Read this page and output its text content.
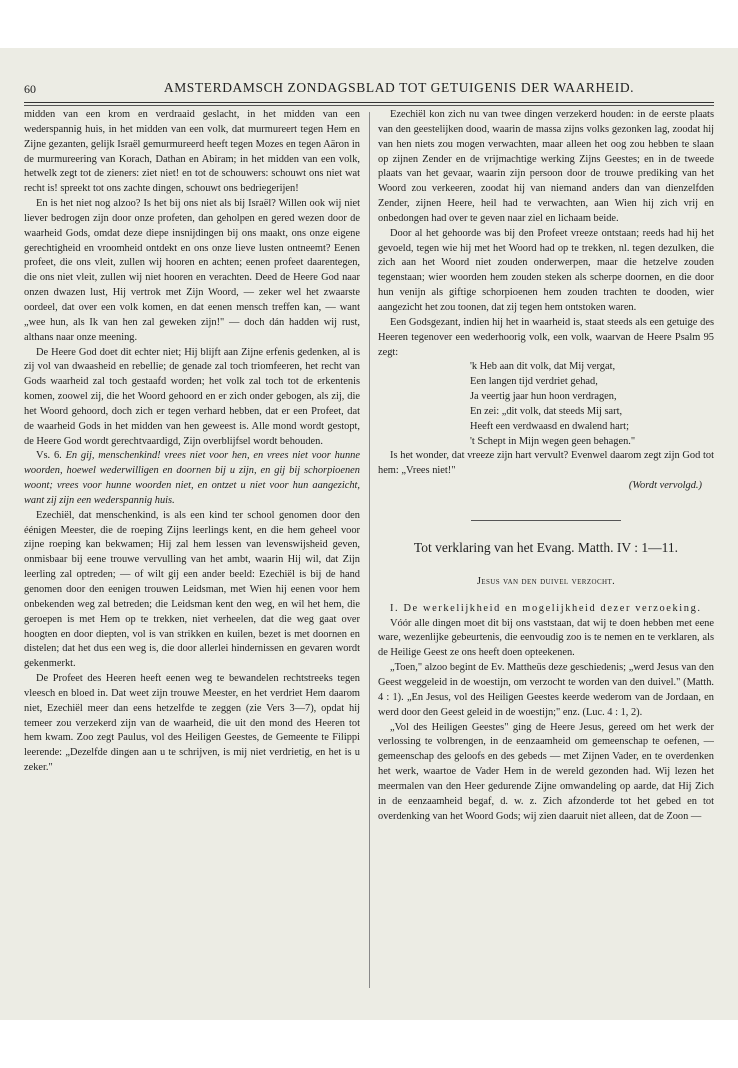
60	AMSTERDAMSCH ZONDAGSBLAD TOT GETUIGENIS DER WAARHEID.

midden van een krom en verdraaid geslacht, in het midden van een wederspannig huis, in het midden van een volk, dat murmureert tegen Hem en Zijne gezanten, gelijk Israël gemurmureerd heeft tegen Mozes en tegen Aäron in de murmureering van Korach, Dathan en Abiram; in het midden van een volk, hetwelk zegt tot de zieners: ziet niet! en tot de schouwers: schouwt ons niet wat recht is! spreekt tot ons zachte dingen, schouwt ons bedriegerijen!

En is het niet nog alzoo? Is het bij ons niet als bij Israël? Willen ook wij niet liever bedrogen zijn door onze profeten, dan geholpen en gered wezen door de waarheid Gods, omdat deze diepe insnijdingen bij ons maakt, ons onze eigene gerechtigheid en vroomheid ontdekt en ons onze lieve lusten ontneemt? Eenen profeet, die ons vleit, zullen wij hooren en achten; eenen profeet daarentegen, die ons niet vleit, zullen wij niet hooren en verachten. Deed de Heere God naar onzen dwazen lust, Hij vertrok met Zijn Woord, — zeker wel het zwaarste oordeel, dat over een volk komen, en dat eenen mensch treffen kan, — want „wee hun, als Ik van hen zal geweken zijn!" — doch dán hadden wij rust, althans naar onze meening.

De Heere God doet dit echter niet; Hij blijft aan Zijne erfenis gedenken, al is zij vol van dwaasheid en rebellie; de genade zal toch triomfeeren, het recht van Gods waarheid zal toch gestaafd worden; het volk zal toch tot de erkentenis komen, zoowel zij, die het Woord gehoord en er zich onder gebogen, als zij, die het Woord gehoord, doch zich er tegen verhard hebben, dat er een Profeet, dat de waarheid Gods in het midden van hen geweest is. Alle mond wordt gestopt, de Heere God wordt gerechtvaardigd, Zijn overblijfsel wordt behouden.

Vs. 6. En gij, menschenkind! vrees niet voor hen, en vrees niet voor hunne woorden, hoewel wederwilligen en doornen bij u zijn, en gij bij schorpioenen woont; vrees voor hunne woorden niet, en ontzet u niet voor hun aangezicht, want zij zijn een wederspannig huis.

Ezechiël, dat menschenkind, is als een kind ter school genomen door den éénigen Meester, die de roeping Zijns leerlings kent, en die hem geheel voor zijne roeping kan bekwamen; Hij zal hem lessen van levenswijsheid geven, onmisbaar bij eene trouwe vervulling van het ambt, waarin Hij wil, dat Zijn leerling zal optreden; — of wilt gij een ander beeld: Ezechiël is bij de hand genomen door den eenigen trouwen Leidsman, met Wien hij eenen voor hem onbekenden weg zal betreden; die Leidsman kent den weg, en wil het hem, die geroepen is met Hem op te trekken, niet verheelen, dat die weg gaat over hoogten en door diepten, vol is van strikken en kuilen, bezet is met doornen en distelen; dat het dus een weg is, die door allerlei hindernissen en gevaren wordt gekenmerkt.

De Profeet des Heeren heeft eenen weg te bewandelen rechtstreeks tegen vleesch en bloed in. Dat weet zijn trouwe Meester, en het verdriet Hem daarom niet, Ezechiël meer dan eens hetzelfde te zeggen (zie Vers 3—7), opdat hij temeer zou verzekerd zijn van de waarheid, die uit den mond des Heeren tot hem kwam. Zoo zegt Paulus, vol des Heiligen Geestes, de Gemeente te Filippi leerende: „Dezelfde dingen aan u te schrijven, is mij niet verdrietig, en het is u zeker."

Ezechiël kon zich nu van twee dingen verzekerd houden: in de eerste plaats van den geestelijken dood, waarin de massa zijns volks gezonken lag, zoodat hij van hen niets zou mogen verwachten, maar alleen het oog zou hebben te slaan op zijnen Zender en de vrijmachtige werking Zijns Geestes; en in de tweede plaats van het gevaar, waarin zijn persoon door de trouwe prediking van het Woord zou verkeeren, zoodat hij van niemand anders dan van dienzelfden Zender, zijnen Heere, heil had te verwachten, aan Wien hij zich vrij en onbedongen had over te geven naar ziel en lichaam beide.

Door al het gehoorde was bij den Profeet vreeze ontstaan; reeds had hij het gevoeld, tegen wie hij met het Woord had op te trekken, nl. tegen dezulken, die zich aan het Woord niet zouden onderwerpen, maar die hetzelve zouden tegenstaan; wier woorden hem zouden steken als scherpe doornen, en die door hun venijn als giftige schorpioenen hem zouden trachten te dooden, wier aangezicht het zou toonen, dat zij tegen hem ontstoken waren.

Een Godsgezant, indien hij het in waarheid is, staat steeds als een getuige des Heeren tegenover een wederhoorig volk, een volk, waarvan de Heere Psalm 95 zegt:

'k Heb aan dit volk, dat Mij vergat,
Een langen tijd verdriet gehad,
Ja veertig jaar hun hoon verdragen,
En zei: „dit volk, dat steeds Mij sart,
Heeft een verdwaasd en dwalend hart;
't Schept in Mijn wegen geen behagen."

Is het wonder, dat vreeze zijn hart vervult? Evenwel daarom zegt zijn God tot hem: „Vrees niet!"

(Wordt vervolgd.)
Tot verklaring van het Evang. Matth. IV : 1—11.
Jesus van den duivel verzocht.

I. De werkelijkheid en mogelijkheid dezer verzoeking.

Vóór alle dingen moet dit bij ons vaststaan, dat wij te doen hebben met eene ware, wezenlijke gebeurtenis, die eenvoudig zoo is te nemen en te verklaren, als de Heilige Geest ze ons heeft doen opteekenen.

„Toen," alzoo begint de Ev. Mattheüs deze geschiedenis; „werd Jesus van den Geest weggeleid in de woestijn, om verzocht te worden van den duivel." (Matth. 4 : 1). „En Jesus, vol des Heiligen Geestes keerde wederom van de Jordaan, en werd door den Geest geleid in de woestijn;" enz. (Luc. 4 : 1, 2).

„Vol des Heiligen Geestes" ging de Heere Jesus, gereed om het werk der verlossing te volbrengen, in de eenzaamheid om gemeenschap te oefenen, — gemeenschap des geloofs en des gebeds — met Zijnen Vader, en te overdenken het werk, waartoe de Vader Hem in de wereld gezonden had. Wij lezen het meermalen van den Heer gedurende Zijne omwandeling op aarde, dat Hij Zich in de eenzaamheid begaf, d. w. z. Zich afzonderde tot het gebed en tot overdenking van het Woord Gods; wij zien daaruit niet alleen, dat de Zoon —
